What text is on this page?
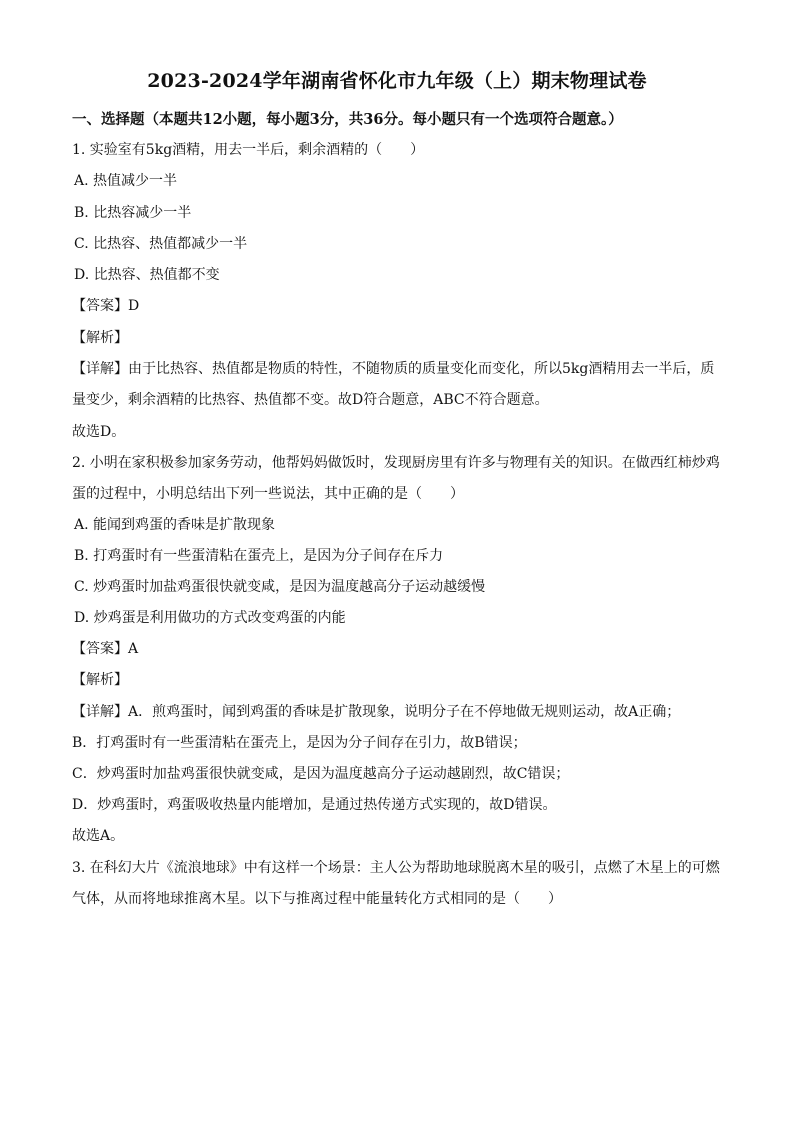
2023-2024学年湖南省怀化市九年级（上）期末物理试卷
一、选择题（本题共12小题，每小题3分，共36分。每小题只有一个选项符合题意。）
1. 实验室有5kg酒精，用去一半后，剩余酒精的（　　）
A. 热值减少一半
B. 比热容减少一半
C. 比热容、热值都减少一半
D. 比热容、热值都不变
【答案】D
【解析】
【详解】由于比热容、热值都是物质的特性，不随物质的质量变化而变化，所以5kg酒精用去一半后，质
量变少，剩余酒精的比热容、热值都不变。故D符合题意，ABC不符合题意。
故选D。
2. 小明在家积极参加家务劳动，他帮妈妈做饭时，发现厨房里有许多与物理有关的知识。在做西红柿炒鸡
蛋的过程中，小明总结出下列一些说法，其中正确的是（　　）
A. 能闻到鸡蛋的香味是扩散现象
B. 打鸡蛋时有一些蛋清粘在蛋壳上，是因为分子间存在斥力
C. 炒鸡蛋时加盐鸡蛋很快就变咸，是因为温度越高分子运动越缓慢
D. 炒鸡蛋是利用做功的方式改变鸡蛋的内能
【答案】A
【解析】
【详解】A．煎鸡蛋时，闻到鸡蛋的香味是扩散现象，说明分子在不停地做无规则运动，故A正确；
B．打鸡蛋时有一些蛋清粘在蛋壳上，是因为分子间存在引力，故B错误；
C．炒鸡蛋时加盐鸡蛋很快就变咸，是因为温度越高分子运动越剧烈，故C错误；
D．炒鸡蛋时，鸡蛋吸收热量内能增加，是通过热传递方式实现的，故D错误。
故选A。
3. 在科幻大片《流浪地球》中有这样一个场景：主人公为帮助地球脱离木星的吸引，点燃了木星上的可燃
气体，从而将地球推离木星。以下与推离过程中能量转化方式相同的是（　　）
